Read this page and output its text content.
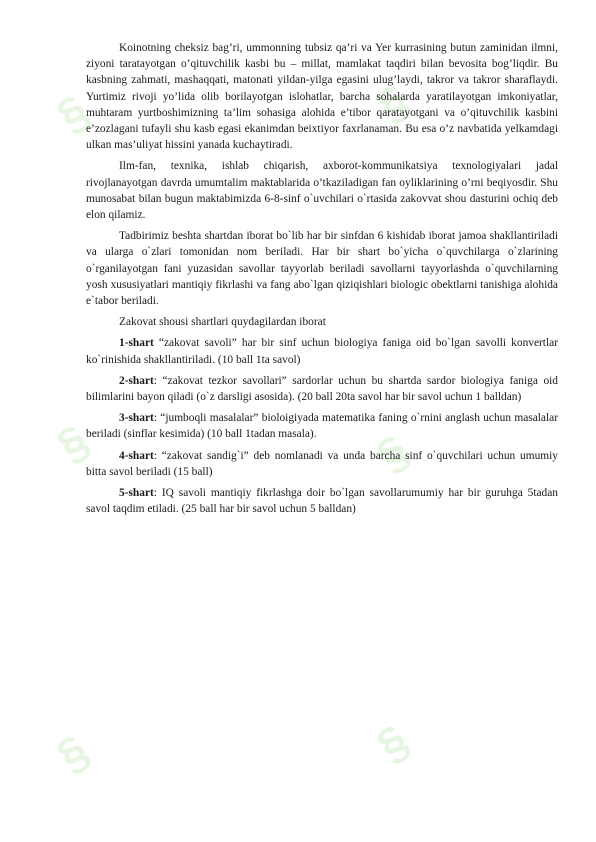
§	§
§	§
§	§

Koinotning cheksiz bag’ri, ummonning tubsiz qa’ri va Yer kurrasining butun zaminidan ilmni, ziyoni taratayotgan o’qituvchilik kasbi bu – millat, mamlakat taqdiri bilan bevosita bog’liqdir. Bu kasbning zahmati, mashaqqati, matonati yildan-yilga egasini ulug’laydi, takror va takror sharaflaydi. Yurtimiz rivoji yo’lida olib borilayotgan islohatlar, barcha sohalarda yaratilayotgan imkoniyatlar, muhtaram yurtboshimizning ta’lim sohasiga alohida e’tibor qaratayotgani va o’qituvchilik kasbini e’zozlagani tufayli shu kasb egasi ekanimdan beixtiyor faxrlanaman. Bu esa o’z navbatida yelkamdagi ulkan mas’uliyat hissini yanada kuchaytiradi.

Ilm-fan, texnika, ishlab chiqarish, axborot-kommunikatsiya texnologiyalari jadal rivojlanayotgan davrda umumtalim maktablarida o’tkaziladigan fan oyliklarining o’rni beqiyosdir. Shu munosabat bilan bugun maktabimizda 6-8-sinf o`uvchilari o`rtasida zakovvat shou dasturini ochiq deb elon qilamiz.

Tadbirimiz beshta shartdan iborat bo`lib har bir sinfdan 6 kishidab iborat jamoa shakllantiriladi va ularga o`zlari tomonidan nom beriladi. Har bir shart bo`yicha o`quvchilarga o`zlarining o`rganilayotgan fani yuzasidan savollar tayyorlab beriladi savollarni tayyorlashda o`quvchilarning yosh xususiyatlari mantiqiy fikrlashi va fang abo`lgan qiziqishlari biologic obektlarni tanishiga alohida e`tabor beriladi.

Zakovat shousi shartlari quydagilardan iborat

1-shart “zakovat savoli” har bir sinf uchun biologiya faniga oid bo`lgan savolli konvertlar ko`rinishida shakllantiriladi. (10 ball 1ta savol)

2-shart: “zakovat tezkor savollari” sardorlar uchun bu shartda sardor biologiya faniga oid bilimlarini bayon qiladi (o`z darsligi asosida). (20 ball 20ta savol har bir savol uchun 1 balldan)

3-shart: “jumboqli masalalar” bioloigiyada matematika faning o`rnini anglash uchun masalalar beriladi (sinflar kesimida) (10 ball 1tadan masala).

4-shart: “zakovat sandig`i” deb nomlanadi va unda barcha sinf o`quvchilari uchun umumiy bitta savol beriladi (15 ball)

5-shart: IQ savoli mantiqiy fikrlashga doir bo`lgan savollarumumiy har bir guruhga 5tadan savol taqdim etiladi. (25 ball har bir savol uchun 5 balldan)
